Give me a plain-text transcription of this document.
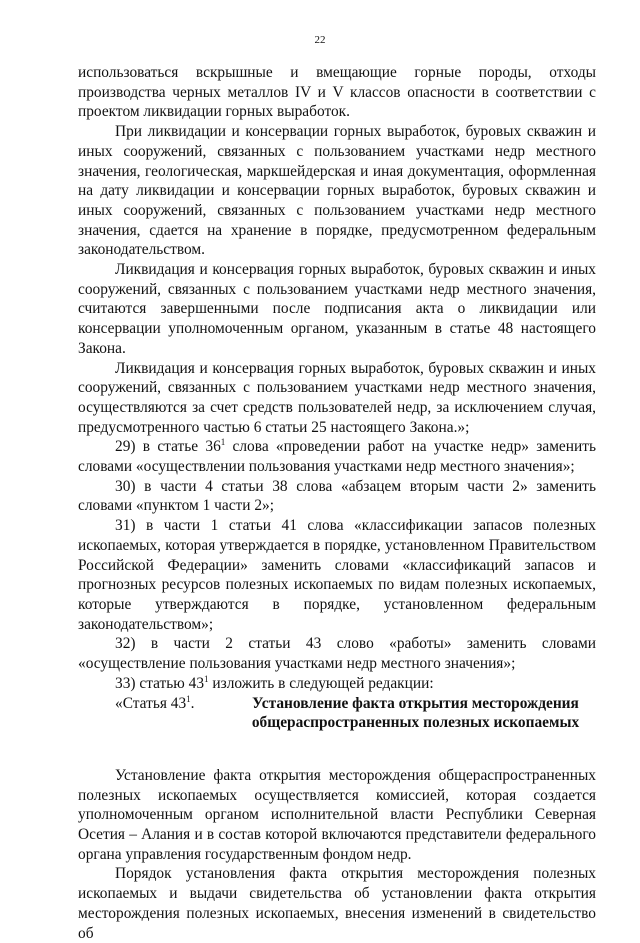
22

использоваться вскрышные и вмещающие горные породы, отходы производства черных металлов IV и V классов опасности в соответствии с проектом ликвидации горных выработок.

При ликвидации и консервации горных выработок, буровых скважин и иных сооружений, связанных с пользованием участками недр местного значения, геологическая, маркшейдерская и иная документация, оформленная на дату ликвидации и консервации горных выработок, буровых скважин и иных сооружений, связанных с пользованием участками недр местного значения, сдается на хранение в порядке, предусмотренном федеральным законодательством.

Ликвидация и консервация горных выработок, буровых скважин и иных сооружений, связанных с пользованием участками недр местного значения, считаются завершенными после подписания акта о ликвидации или консервации уполномоченным органом, указанным в статье 48 настоящего Закона.

Ликвидация и консервация горных выработок, буровых скважин и иных сооружений, связанных с пользованием участками недр местного значения, осуществляются за счет средств пользователей недр, за исключением случая, предусмотренного частью 6 статьи 25 настоящего Закона.»;

29) в статье $36^1$ слова «проведении работ на участке недр» заменить словами «осуществлении пользования участками недр местного значения»;

30) в части 4 статьи 38 слова «абзацем вторым части 2» заменить словами «пунктом 1 части 2»;

31) в части 1 статьи 41 слова «классификации запасов полезных ископаемых, которая утверждается в порядке, установленном Правительством Российской Федерации» заменить словами «классификаций запасов и прогнозных ресурсов полезных ископаемых по видам полезных ископаемых, которые утверждаются в порядке, установленном федеральным законодательством»;

32) в части 2 статьи 43 слово «работы» заменить словами «осуществление пользования участками недр местного значения»;

33) статью $43^1$ изложить в следующей редакции:

«Статья $43^1$.	Установление факта открытия месторождения общераспространенных полезных ископаемых

Установление факта открытия месторождения общераспространенных полезных ископаемых осуществляется комиссией, которая создается уполномоченным органом исполнительной власти Республики Северная Осетия – Алания и в состав которой включаются представители федерального органа управления государственным фондом недр.

Порядок установления факта открытия месторождения полезных ископаемых и выдачи свидетельства об установлении факта открытия месторождения полезных ископаемых, внесения изменений в свидетельство об
